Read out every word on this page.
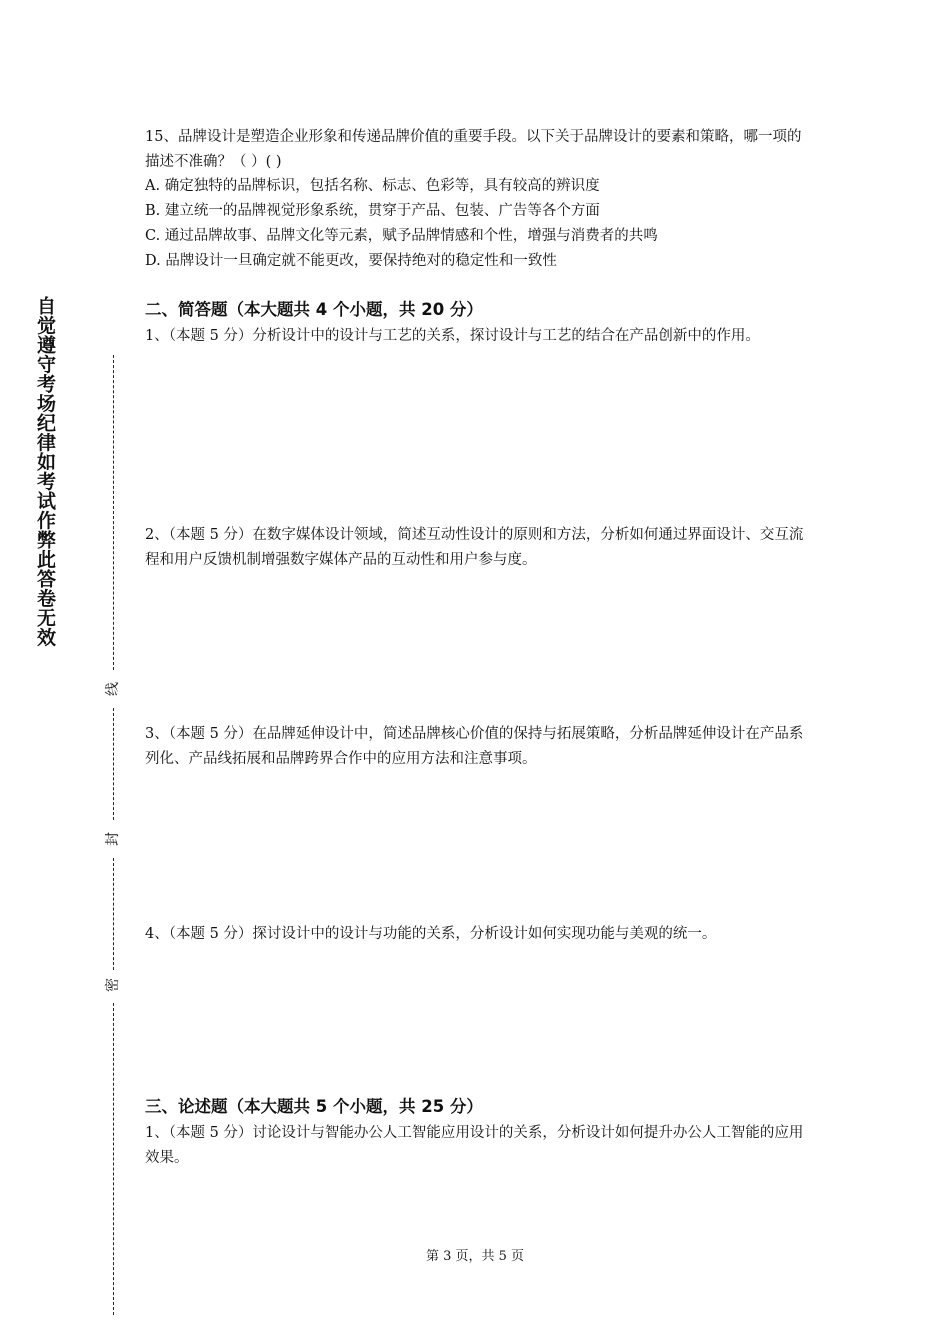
自觉遵守考场纪律如考试作弊此答卷无效
线
封
密
15、品牌设计是塑造企业形象和传递品牌价值的重要手段。以下关于品牌设计的要素和策略，哪一项的描述不准确？（ ）( )
A. 确定独特的品牌标识，包括名称、标志、色彩等，具有较高的辨识度
B. 建立统一的品牌视觉形象系统，贯穿于产品、包装、广告等各个方面
C. 通过品牌故事、品牌文化等元素，赋予品牌情感和个性，增强与消费者的共鸣
D. 品牌设计一旦确定就不能更改，要保持绝对的稳定性和一致性
二、简答题（本大题共 4 个小题，共 20 分）
1、（本题 5 分）分析设计中的设计与工艺的关系，探讨设计与工艺的结合在产品创新中的作用。
2、（本题 5 分）在数字媒体设计领域，简述互动性设计的原则和方法，分析如何通过界面设计、交互流程和用户反馈机制增强数字媒体产品的互动性和用户参与度。
3、（本题 5 分）在品牌延伸设计中，简述品牌核心价值的保持与拓展策略，分析品牌延伸设计在产品系列化、产品线拓展和品牌跨界合作中的应用方法和注意事项。
4、（本题 5 分）探讨设计中的设计与功能的关系，分析设计如何实现功能与美观的统一。
三、论述题（本大题共 5 个小题，共 25 分）
1、（本题 5 分）讨论设计与智能办公人工智能应用设计的关系，分析设计如何提升办公人工智能的应用效果。
第 3 页，共 5 页
